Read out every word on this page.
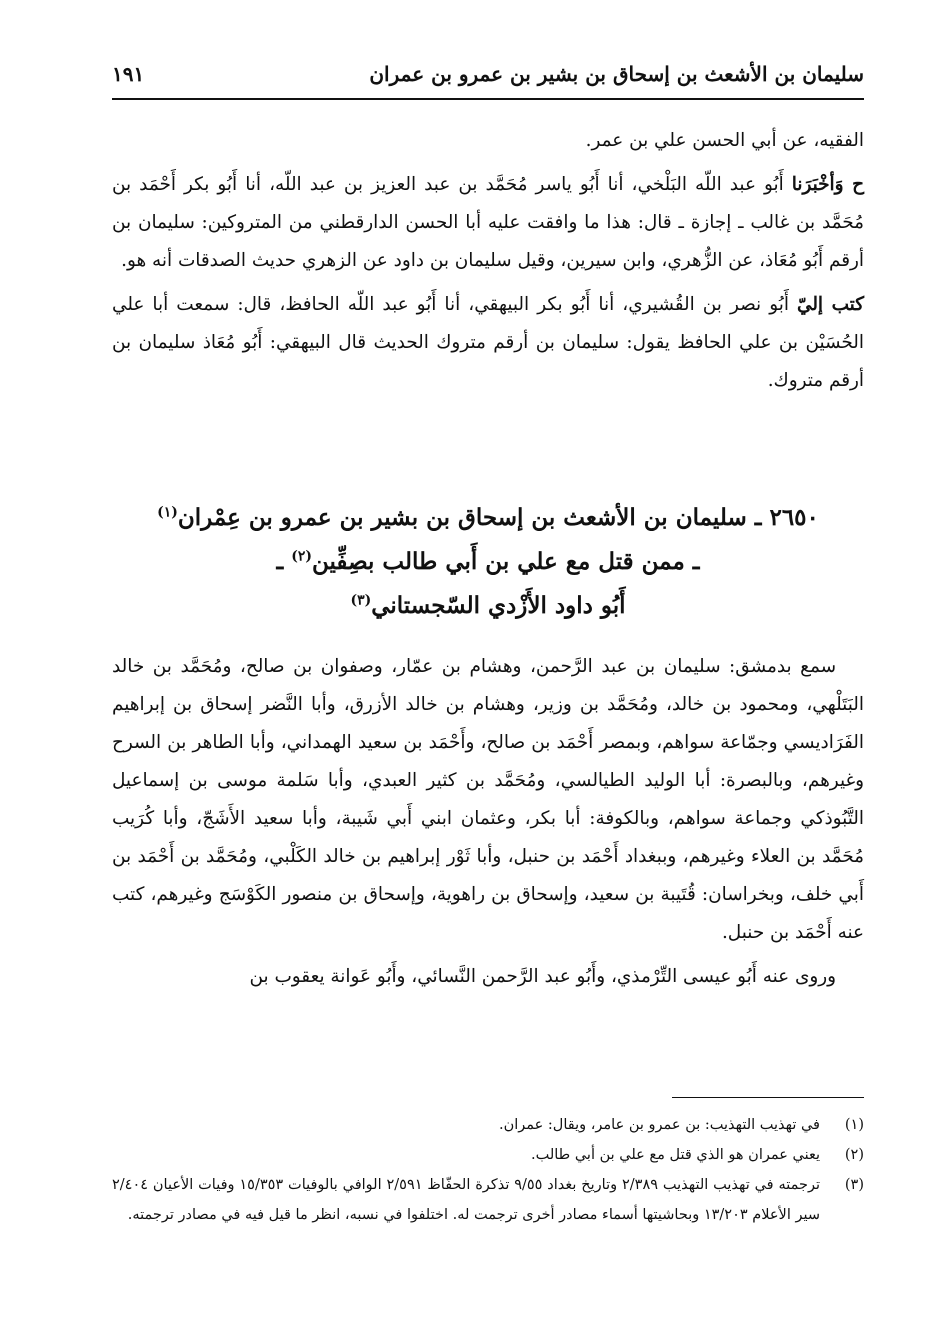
سليمان بن الأشعث بن إسحاق بن بشير بن عمرو بن عمران
١٩١

الفقيه، عن أبي الحسن علي بن عمر.

ح وَأخْبَرَنا أَبُو عبد اللّه البَلْخي، أنا أَبُو ياسر مُحَمَّد بن عبد العزيز بن عبد اللّه، أنا أَبُو بكر أَحْمَد بن مُحَمَّد بن غالب ـ إجازة ـ قال: هذا ما وافقت عليه أبا الحسن الدارقطني من المتروكين: سليمان بن أرقم أَبُو مُعَاذ، عن الزُّهري، وابن سيرين، وقيل سليمان بن داود عن الزهري حديث الصدقات أنه هو.

كتب إليّ أَبُو نصر بن القُشيري، أنا أَبُو بكر البيهقي، أنا أَبُو عبد اللّه الحافظ، قال: سمعت أبا علي الحُسَيْن بن علي الحافظ يقول: سليمان بن أرقم متروك الحديث قال البيهقي: أَبُو مُعَاذ سليمان بن أرقم متروك.

٢٦٥٠ ـ سليمان بن الأشعث بن إسحاق بن بشير بن عمرو بن عِمْران$^{(١)}$
ـ ممن قتل مع علي بن أَبي طالب بصِفِّين$^{(٢)}$ ـ
أَبُو داود الأَزْدي السّجستاني$^{(٣)}$

سمع بدمشق: سليمان بن عبد الرَّحمن، وهشام بن عمّار، وصفوان بن صالح، ومُحَمَّد بن خالد البَتَلْهي، ومحمود بن خالد، ومُحَمَّد بن وزير، وهشام بن خالد الأزرق، وأبا النَّضر إسحاق بن إبراهيم الفَرَاديسي وجمّاعة سواهم، وبمصر أَحْمَد بن صالح، وأَحْمَد بن سعيد الهمداني، وأبا الطاهر بن السرح وغيرهم، وبالبصرة: أبا الوليد الطيالسي، ومُحَمَّد بن كثير العبدي، وأبا سَلمة موسى بن إسماعيل التَّبُوذكي وجماعة سواهم، وبالكوفة: أبا بكر، وعثمان ابني أَبي شَيبة، وأبا سعيد الأَشَجّ، وأبا كُرَيب مُحَمَّد بن العلاء وغيرهم، وببغداد أَحْمَد بن حنبل، وأبا ثَوْر إبراهيم بن خالد الكَلْبي، ومُحَمَّد بن أَحْمَد بن أَبي خلف، وبخراسان: قُتَيبة بن سعيد، وإسحاق بن راهوية، وإسحاق بن منصور الكَوْسَج وغيرهم، كتب عنه أَحْمَد بن حنبل.

وروى عنه أَبُو عيسى التِّرْمذي، وأَبُو عبد الرَّحمن النَّسائي، وأَبُو عَوانة يعقوب بن

(١)
في تهذيب التهذيب: بن عمرو بن عامر، ويقال: عمران.
(٢)
يعني عمران هو الذي قتل مع علي بن أبي طالب.
(٣)
ترجمته في تهذيب التهذيب ٢/٣٨٩ وتاريخ بغداد ٩/٥٥ تذكرة الحفّاظ ٢/٥٩١ الوافي بالوفيات ١٥/٣٥٣ وفيات الأعيان ٢/٤٠٤ سير الأعلام ١٣/٢٠٣ وبحاشيتها أسماء مصادر أخرى ترجمت له. اختلفوا في نسبه، انظر ما قيل فيه في مصادر ترجمته.
